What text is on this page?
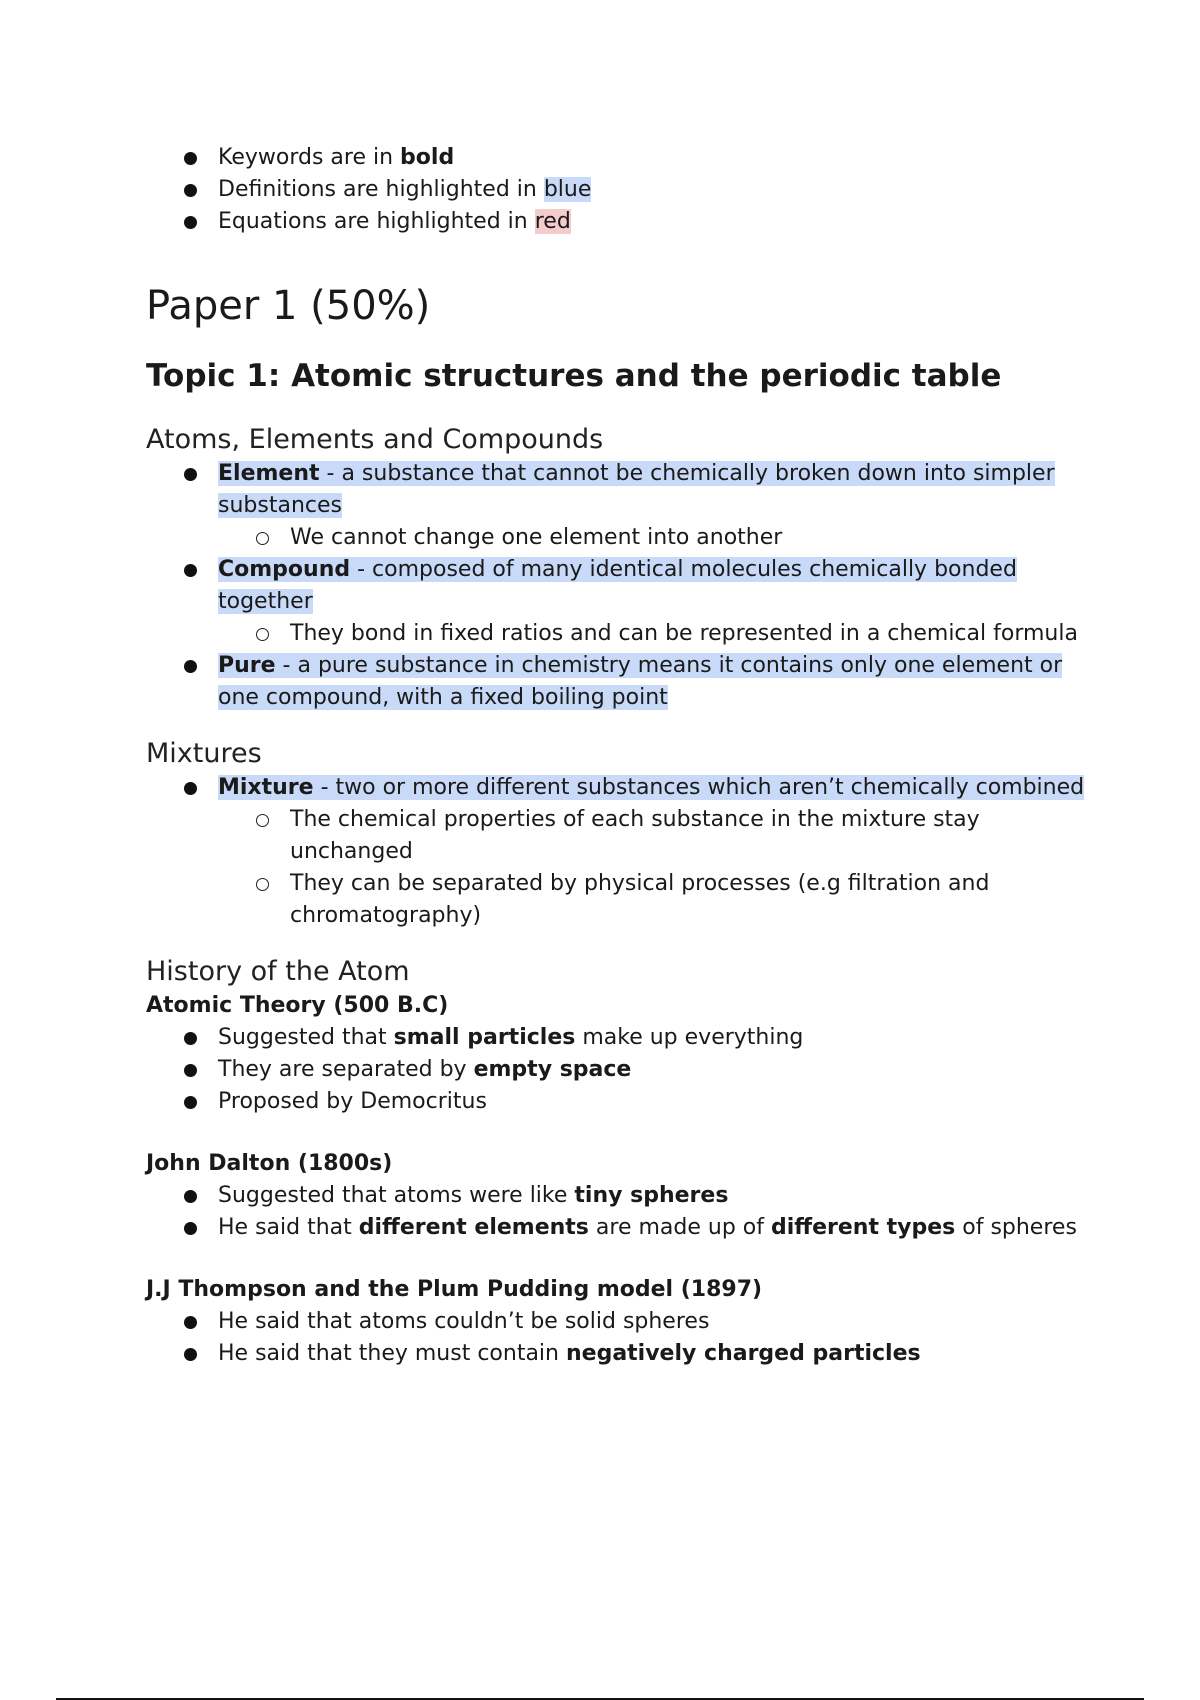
Keywords are in bold
Definitions are highlighted in blue
Equations are highlighted in red
Paper 1 (50%)
Topic 1: Atomic structures and the periodic table
Atoms, Elements and Compounds
Element - a substance that cannot be chemically broken down into simpler substances
We cannot change one element into another
Compound - composed of many identical molecules chemically bonded together
They bond in fixed ratios and can be represented in a chemical formula
Pure - a pure substance in chemistry means it contains only one element or one compound, with a fixed boiling point
Mixtures
Mixture - two or more different substances which aren’t chemically combined
The chemical properties of each substance in the mixture stay unchanged
They can be separated by physical processes (e.g filtration and chromatography)
History of the Atom
Atomic Theory (500 B.C)
Suggested that small particles make up everything
They are separated by empty space
Proposed by Democritus
John Dalton (1800s)
Suggested that atoms were like tiny spheres
He said that different elements are made up of different types of spheres
J.J Thompson and the Plum Pudding model (1897)
He said that atoms couldn’t be solid spheres
He said that they must contain negatively charged particles
